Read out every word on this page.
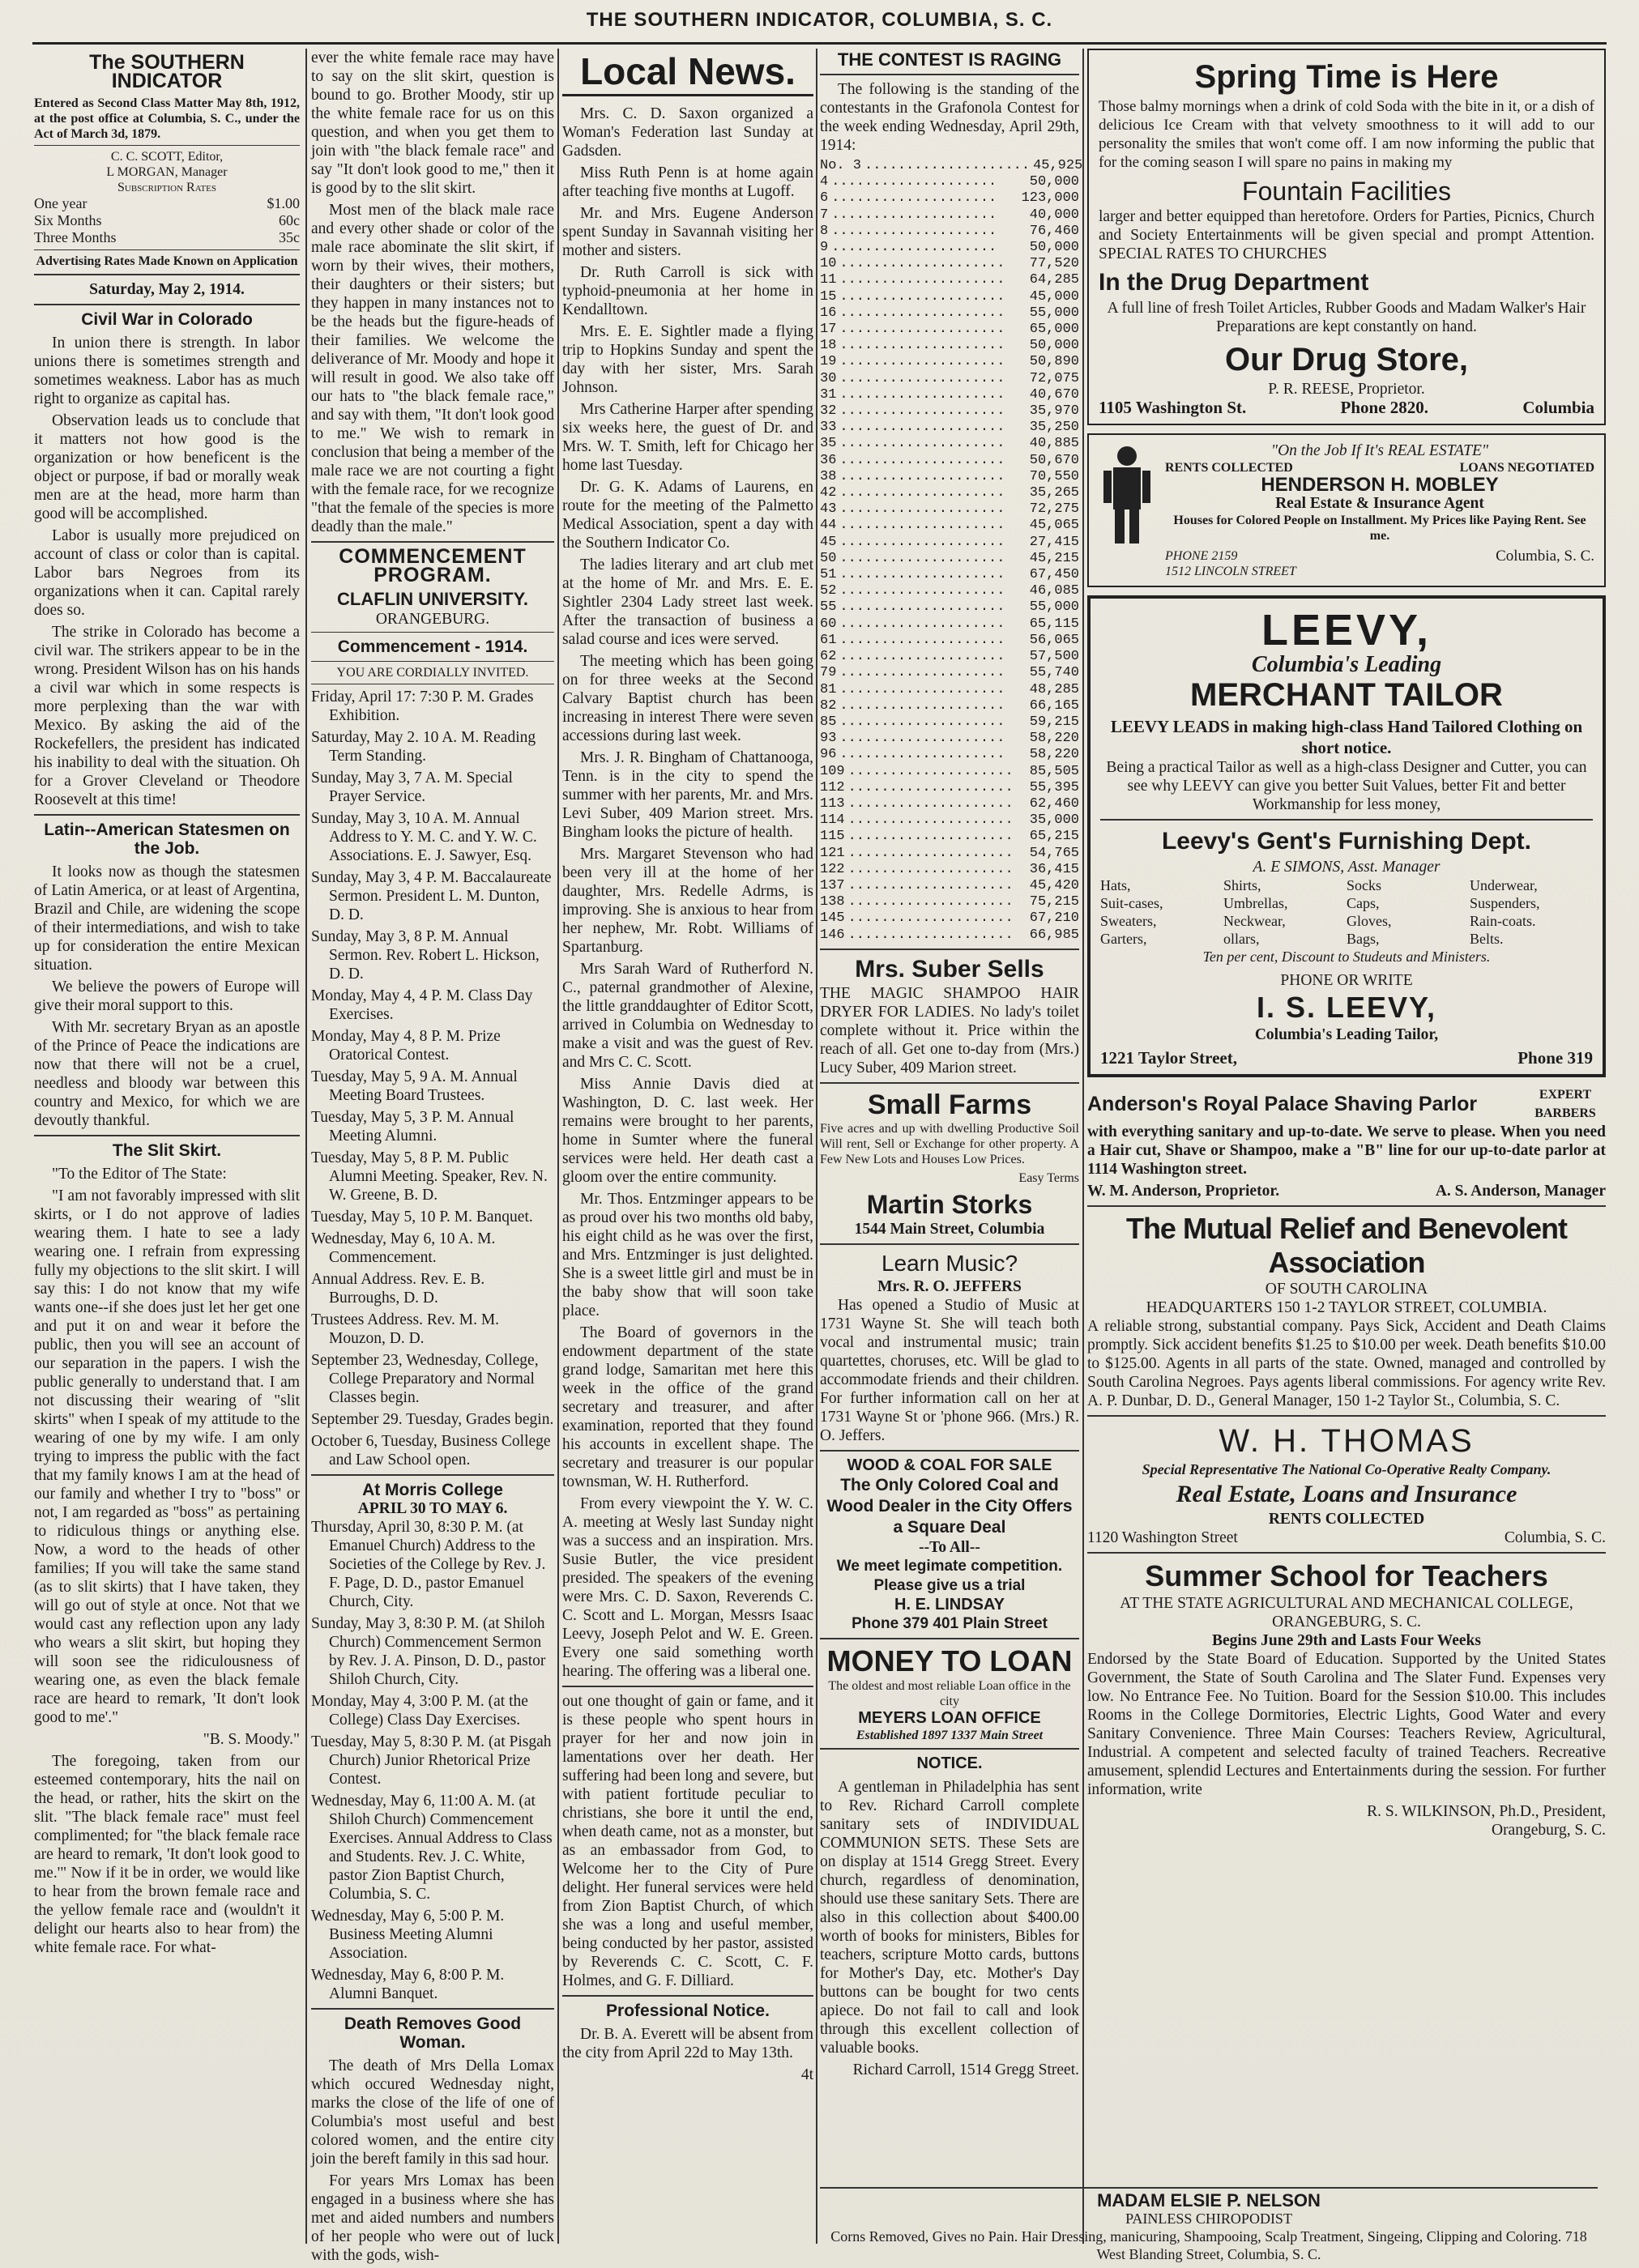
THE SOUTHERN INDICATOR, COLUMBIA, S. C.
The SOUTHERN INDICATOR

Entered as Second Class Matter May 8th, 1912, at the post office at Columbia, S. C., under the Act of March 3d, 1879.

C. C. SCOTT, Editor,
L MORGAN, Manager
Subscription Rates
One year	$1.00
Six Months	60c
Three Months	35c
Advertising Rates Made Known on Application
Saturday, May 2, 1914.
Civil War in Colorado

In union there is strength. In labor unions there is sometimes strength and sometimes weakness. Labor has as much right to organize as capital has.

Observation leads us to conclude that it matters not how good is the organization or how beneficent is the object or purpose, if bad or morally weak men are at the head, more harm than good will be accomplished.

Labor is usually more prejudiced on account of class or color than is capital. Labor bars Negroes from its organizations when it can. Capital rarely does so.

The strike in Colorado has become a civil war. The strikers appear to be in the wrong. President Wilson has on his hands a civil war which in some respects is more perplexing than the war with Mexico. By asking the aid of the Rockefellers, the president has indicated his inability to deal with the situation. Oh for a Grover Cleveland or Theodore Roosevelt at this time!

Latin--American Statesmen on the Job.

It looks now as though the statesmen of Latin America, or at least of Argentina, Brazil and Chile, are widening the scope of their intermediations, and wish to take up for consideration the entire Mexican situation.

We believe the powers of Europe will give their moral support to this.

With Mr. secretary Bryan as an apostle of the Prince of Peace the indications are now that there will not be a cruel, needless and bloody war between this country and Mexico, for which we are devoutly thankful.

The Slit Skirt.

"To the Editor of The State:

"I am not favorably impressed with slit skirts, or I do not approve of ladies wearing them. I hate to see a lady wearing one. I refrain from expressing fully my objections to the slit skirt. I will say this: I do not know that my wife wants one--if she does just let her get one and put it on and wear it before the public, then you will see an account of our separation in the papers. I wish the public generally to understand that. I am not discussing their wearing of "slit skirts" when I speak of my attitude to the wearing of one by my wife. I am only trying to impress the public with the fact that my family knows I am at the head of our family and whether I try to "boss" or not, I am regarded as "boss" as pertaining to ridiculous things or anything else. Now, a word to the heads of other families; If you will take the same stand (as to slit skirts) that I have taken, they will go out of style at once. Not that we would cast any reflection upon any lady who wears a slit skirt, but hoping they will soon see the ridiculousness of wearing one, as even the black female race are heard to remark, 'It don't look good to me'."

"B. S. Moody."

The foregoing, taken from our esteemed contemporary, hits the nail on the head, or rather, hits the skirt on the slit. "The black female race" must feel complimented; for "the black female race are heard to remark, 'It don't look good to me.'" Now if it be in order, we would like to hear from the brown female race and the yellow female race and (wouldn't it delight our hearts also to hear from) the white female race. For what-

ever the white female race may have to say on the slit skirt, question is bound to go. Brother Moody, stir up the white female race for us on this question, and when you get them to join with "the black female race" and say "It don't look good to me," then it is good by to the slit skirt.

Most men of the black male race and every other shade or color of the male race abominate the slit skirt, if worn by their wives, their mothers, their daughters or their sisters; but they happen in many instances not to be the heads but the figure-heads of their families. We welcome the deliverance of Mr. Moody and hope it will result in good. We also take off our hats to "the black female race," and say with them, "It don't look good to me." We wish to remark in conclusion that being a member of the male race we are not courting a fight with the female race, for we recognize "that the female of the species is more deadly than the male."

COMMENCEMENT PROGRAM.
CLAFLIN UNIVERSITY.
ORANGEBURG.
Commencement - 1914.
YOU ARE CORDIALLY INVITED.

Friday, April 17: 7:30 P. M. Grades Exhibition.

Saturday, May 2. 10 A. M. Reading Term Standing.

Sunday, May 3, 7 A. M. Special Prayer Service.

Sunday, May 3, 10 A. M. Annual Address to Y. M. C. and Y. W. C. Associations. E. J. Sawyer, Esq.

Sunday, May 3, 4 P. M. Baccalaureate Sermon. President L. M. Dunton, D. D.

Sunday, May 3, 8 P. M. Annual Sermon. Rev. Robert L. Hickson, D. D.

Monday, May 4, 4 P. M. Class Day Exercises.

Monday, May 4, 8 P. M. Prize Oratorical Contest.

Tuesday, May 5, 9 A. M. Annual Meeting Board Trustees.

Tuesday, May 5, 3 P. M. Annual Meeting Alumni.

Tuesday, May 5, 8 P. M. Public Alumni Meeting. Speaker, Rev. N. W. Greene, B. D.

Tuesday, May 5, 10 P. M. Banquet.

Wednesday, May 6, 10 A. M. Commencement.

Annual Address. Rev. E. B. Burroughs, D. D.

Trustees Address. Rev. M. M. Mouzon, D. D.

September 23, Wednesday, College, College Preparatory and Normal Classes begin.

September 29. Tuesday, Grades begin.

October 6, Tuesday, Business College and Law School open.

At Morris College
APRIL 30 TO MAY 6.

Thursday, April 30, 8:30 P. M. (at Emanuel Church) Address to the Societies of the College by Rev. J. F. Page, D. D., pastor Emanuel Church, City.

Sunday, May 3, 8:30 P. M. (at Shiloh Church) Commencement Sermon by Rev. J. A. Pinson, D. D., pastor Shiloh Church, City.

Monday, May 4, 3:00 P. M. (at the College) Class Day Exercises.

Tuesday, May 5, 8:30 P. M. (at Pisgah Church) Junior Rhetorical Prize Contest.

Wednesday, May 6, 11:00 A. M. (at Shiloh Church) Commencement Exercises. Annual Address to Class and Students. Rev. J. C. White, pastor Zion Baptist Church, Columbia, S. C.

Wednesday, May 6, 5:00 P. M. Business Meeting Alumni Association.

Wednesday, May 6, 8:00 P. M. Alumni Banquet.

Death Removes Good Woman.

The death of Mrs Della Lomax which occured Wednesday night, marks the close of the life of one of Columbia's most useful and best colored women, and the entire city join the bereft family in this sad hour.

For years Mrs Lomax has been engaged in a business where she has met and aided numbers and numbers of her people who were out of luck with the gods, wish-

Local News.

Mrs. C. D. Saxon organized a Woman's Federation last Sunday at Gadsden.

Miss Ruth Penn is at home again after teaching five months at Lugoff.

Mr. and Mrs. Eugene Anderson spent Sunday in Savannah visiting her mother and sisters.

Dr. Ruth Carroll is sick with typhoid-pneumonia at her home in Kendalltown.

Mrs. E. E. Sightler made a flying trip to Hopkins Sunday and spent the day with her sister, Mrs. Sarah Johnson.

Mrs Catherine Harper after spending six weeks here, the guest of Dr. and Mrs. W. T. Smith, left for Chicago her home last Tuesday.

Dr. G. K. Adams of Laurens, en route for the meeting of the Palmetto Medical Association, spent a day with the Southern Indicator Co.

The ladies literary and art club met at the home of Mr. and Mrs. E. E. Sightler 2304 Lady street last week. After the transaction of business a salad course and ices were served.

The meeting which has been going on for three weeks at the Second Calvary Baptist church has been increasing in interest There were seven accessions during last week.

Mrs. J. R. Bingham of Chattanooga, Tenn. is in the city to spend the summer with her parents, Mr. and Mrs. Levi Suber, 409 Marion street. Mrs. Bingham looks the picture of health.

Mrs. Margaret Stevenson who had been very ill at the home of her daughter, Mrs. Redelle Adrms, is improving. She is anxious to hear from her nephew, Mr. Robt. Williams of Spartanburg.

Mrs Sarah Ward of Rutherford N. C., paternal grandmother of Alexine, the little granddaughter of Editor Scott, arrived in Columbia on Wednesday to make a visit and was the guest of Rev. and Mrs C. C. Scott.

Miss Annie Davis died at Washington, D. C. last week. Her remains were brought to her parents, home in Sumter where the funeral services were held. Her death cast a gloom over the entire community.

Mr. Thos. Entzminger appears to be as proud over his two months old baby, his eight child as he was over the first, and Mrs. Entzminger is just delighted. She is a sweet little girl and must be in the baby show that will soon take place.

The Board of governors in the endowment department of the state grand lodge, Samaritan met here this week in the office of the grand secretary and treasurer, and after examination, reported that they found his accounts in excellent shape. The secretary and treasurer is our popular townsman, W. H. Rutherford.

From every viewpoint the Y. W. C. A. meeting at Wesly last Sunday night was a success and an inspiration. Mrs. Susie Butler, the vice president presided. The speakers of the evening were Mrs. C. D. Saxon, Reverends C. C. Scott and L. Morgan, Messrs Isaac Leevy, Joseph Pelot and W. E. Green. Every one said something worth hearing. The offering was a liberal one.

out one thought of gain or fame, and it is these people who spent hours in prayer for her and now join in lamentations over her death. Her suffering had been long and severe, but with patient fortitude peculiar to christians, she bore it until the end, when death came, not as a monster, but as an embassador from God, to Welcome her to the City of Pure delight. Her funeral services were held from Zion Baptist Church, of which she was a long and useful member, being conducted by her pastor, assisted by Reverends C. C. Scott, C. F. Holmes, and G. F. Dilliard.

Professional Notice.

Dr. B. A. Everett will be absent from the city from April 22d to May 13th.

4t

THE CONTEST IS RAGING

The following is the standing of the contestants in the Grafonola Contest for the week ending Wednesday, April 29th, 1914:

No. 3 .................... 45,925
4 ....................	50,000
6 ....................	123,000
7 ....................	40,000
8 ....................	76,460
9 ....................	50,000
10 ....................	77,520
11 ....................	64,285
15 ....................	45,000
16 ....................	55,000
17 ....................	65,000
18 ....................	50,000
19 ....................	50,890
30 ....................	72,075
31 ....................	40,670
32 ....................	35,970
33 ....................	35,250
35 ....................	40,885
36 ....................	50,670
38 ....................	70,550
42 ....................	35,265
43 ....................	72,275
44 ....................	45,065
45 ....................	27,415
50 ....................	45,215
51 ....................	67,450
52 ....................	46,085
55 ....................	55,000
60 ....................	65,115
61 ....................	56,065
62 ....................	57,500
79 ....................	55,740
81 ....................	48,285
82 ....................	66,165
85 ....................	59,215
93 ....................	58,220
96 ....................	58,220
109 ....................	85,505
112 ....................	55,395
113 ....................	62,460
114 ....................	35,000
115 ....................	65,215
121 ....................	54,765
122 ....................	36,415
137 ....................	45,420
138 ....................	75,215
145 ....................	67,210
146 ....................	66,985
Mrs. Suber Sells

THE MAGIC SHAMPOO HAIR DRYER FOR LADIES. No lady's toilet complete without it. Price within the reach of all. Get one to-day from (Mrs.) Lucy Suber, 409 Marion street.

Small Farms

Five acres and up with dwelling Productive Soil Will rent, Sell or Exchange for other property. A Few New Lots and Houses Low Prices.

Easy Terms

Martin Storks
1544 Main Street, Columbia
Learn Music?
Mrs. R. O. JEFFERS

Has opened a Studio of Music at 1731 Wayne St. She will teach both vocal and instrumental music; train quartettes, choruses, etc. Will be glad to accommodate friends and their children. For further information call on her at 1731 Wayne St or 'phone 966. (Mrs.) R. O. Jeffers.

WOOD & COAL FOR SALE
The Only Colored Coal and Wood Dealer in the City Offers a Square Deal
--To All--
We meet legimate competition. Please give us a trial
H. E. LINDSAY
Phone 379 401 Plain Street
MONEY TO LOAN
The oldest and most reliable Loan office in the city
MEYERS LOAN OFFICE
Established 1897 1337 Main Street
NOTICE.

A gentleman in Philadelphia has sent to Rev. Richard Carroll complete sanitary sets of INDIVIDUAL COMMUNION SETS. These Sets are on display at 1514 Gregg Street. Every church, regardless of denomination, should use these sanitary Sets. There are also in this collection about $400.00 worth of books for ministers, Bibles for teachers, scripture Motto cards, buttons for Mother's Day, etc. Mother's Day buttons can be bought for two cents apiece. Do not fail to call and look through this excellent collection of valuable books.

Richard Carroll, 1514 Gregg Street.

Spring Time is Here

Those balmy mornings when a drink of cold Soda with the bite in it, or a dish of delicious Ice Cream with that velvety smoothness to it will add to our personality the smiles that won't come off. I am now informing the public that for the coming season I will spare no pains in making my

Fountain Facilities

larger and better equipped than heretofore. Orders for Parties, Picnics, Church and Society Entertainments will be given special and prompt Attention. SPECIAL RATES TO CHURCHES

In the Drug Department

A full line of fresh Toilet Articles, Rubber Goods and Madam Walker's Hair Preparations are kept constantly on hand.

Our Drug Store,
P. R. REESE, Proprietor.
1105 Washington St.	Phone 2820.	Columbia
"On the Job If It's REAL ESTATE"
RENTS COLLECTED	LOANS NEGOTIATED
HENDERSON H. MOBLEY
Real Estate & Insurance Agent
Houses for Colored People on Installment. My Prices like Paying Rent. See me.
PHONE 2159
1512 LINCOLN STREET
Columbia, S. C.
LEEVY,
Columbia's Leading
MERCHANT TAILOR
LEEVY LEADS in making high-class Hand Tailored Clothing on short notice.

Being a practical Tailor as well as a high-class Designer and Cutter, you can see why LEEVY can give you better Suit Values, better Fit and better Workmanship for less money,

Leevy's Gent's Furnishing Dept.
A. E SIMONS, Asst. Manager
Hats,	Shirts,	Socks	Underwear,
Suit-cases,	Umbrellas,	Caps,	Suspenders,
Sweaters,	Neckwear,	Gloves,	Rain-coats.
Garters,	ollars,	Bags,	Belts.
Ten per cent, Discount to Studeuts and Ministers.
PHONE OR WRITE
I. S. LEEVY,
Columbia's Leading Tailor,
1221 Taylor Street,	Phone 319
Anderson's Royal Palace Shaving Parlor	EXPERT BARBERS

with everything sanitary and up-to-date. We serve to please. When you need a Hair cut, Shave or Shampoo, make a "B" line for our up-to-date parlor at 1114 Washington street.

W. M. Anderson, Proprietor.	A. S. Anderson, Manager
The Mutual Relief and Benevolent Association
OF SOUTH CAROLINA
HEADQUARTERS 150 1-2 TAYLOR STREET, COLUMBIA.

A reliable strong, substantial company. Pays Sick, Accident and Death Claims promptly. Sick accident benefits $1.25 to $10.00 per week. Death benefits $10.00 to $125.00. Agents in all parts of the state. Owned, managed and controlled by South Carolina Negroes. Pays agents liberal commissions. For agency write Rev. A. P. Dunbar, D. D., General Manager, 150 1-2 Taylor St., Columbia, S. C.

W. H. THOMAS
Special Representative The National Co-Operative Realty Company.
Real Estate, Loans and Insurance
RENTS COLLECTED
1120 Washington Street	Columbia, S. C.
Summer School for Teachers
AT THE STATE AGRICULTURAL AND MECHANICAL COLLEGE, ORANGEBURG, S. C.
Begins June 29th and Lasts Four Weeks

Endorsed by the State Board of Education. Supported by the United States Government, the State of South Carolina and The Slater Fund. Expenses very low. No Entrance Fee. No Tuition. Board for the Session $10.00. This includes Rooms in the College Dormitories, Electric Lights, Good Water and every Sanitary Convenience. Three Main Courses: Teachers Review, Agricultural, Industrial. A competent and selected faculty of trained Teachers. Recreative amusement, splendid Lectures and Entertainments during the session. For further information, write

R. S. WILKINSON, Ph.D., President,
Orangeburg, S. C.
MADAM ELSIE P. NELSON
PAINLESS CHIROPODIST
Corns Removed, Gives no Pain. Hair Dressing, manicuring, Shampooing, Scalp Treatment, Singeing, Clipping and Coloring. 718 West Blanding Street, Columbia, S. C.
